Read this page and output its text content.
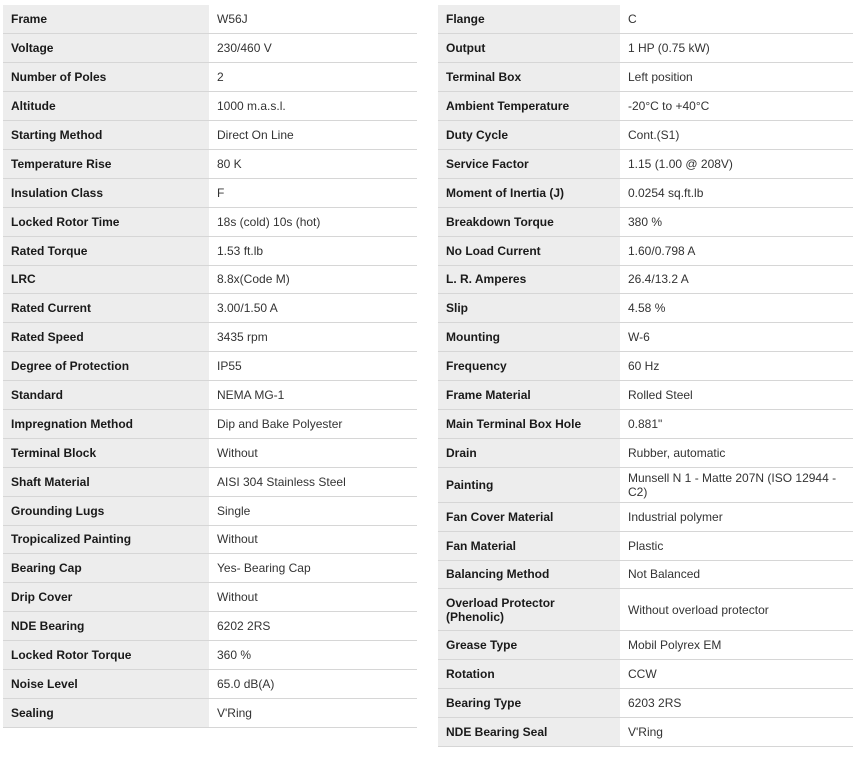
Frame	W56J
Voltage	230/460 V
Number of Poles	2
Altitude	1000 m.a.s.l.
Starting Method	Direct On Line
Temperature Rise	80 K
Insulation Class	F
Locked Rotor Time	18s (cold) 10s (hot)
Rated Torque	1.53 ft.lb
LRC	8.8x(Code M)
Rated Current	3.00/1.50 A
Rated Speed	3435 rpm
Degree of Protection	IP55
Standard	NEMA MG-1
Impregnation Method	Dip and Bake Polyester
Terminal Block	Without
Shaft Material	AISI 304 Stainless Steel
Grounding Lugs	Single
Tropicalized Painting	Without
Bearing Cap	Yes- Bearing Cap
Drip Cover	Without
NDE Bearing	6202 2RS
Locked Rotor Torque	360 %
Noise Level	65.0 dB(A)
Sealing	V'Ring
Flange	C
Output	1 HP (0.75 kW)
Terminal Box	Left position
Ambient Temperature	-20°C to +40°C
Duty Cycle	Cont.(S1)
Service Factor	1.15 (1.00 @ 208V)
Moment of Inertia (J)	0.0254 sq.ft.lb
Breakdown Torque	380 %
No Load Current	1.60/0.798 A
L. R. Amperes	26.4/13.2 A
Slip	4.58 %
Mounting	W-6
Frequency	60 Hz
Frame Material	Rolled Steel
Main Terminal Box Hole	0.881"
Drain	Rubber, automatic
Painting	Munsell N 1 - Matte 207N (ISO 12944 - C2)
Fan Cover Material	Industrial polymer
Fan Material	Plastic
Balancing Method	Not Balanced
Overload Protector (Phenolic)	Without overload protector
Grease Type	Mobil Polyrex EM
Rotation	CCW
Bearing Type	6203 2RS
NDE Bearing Seal	V'Ring
